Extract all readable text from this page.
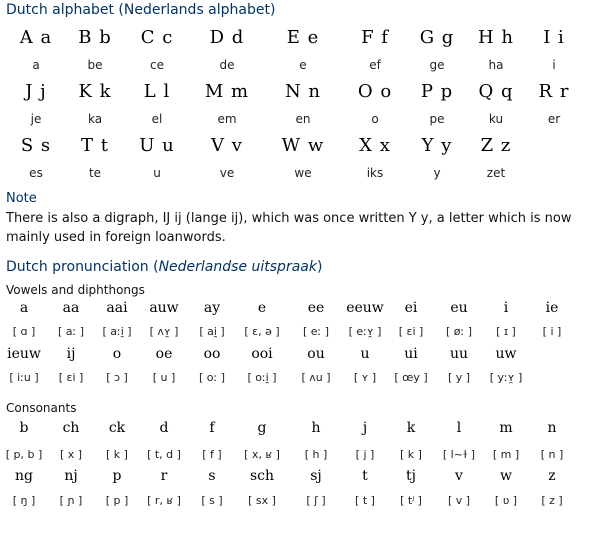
Dutch alphabet (Nederlands alphabet)
A a
a
B b
be
C c
ce
D d
de
E e
e
F f
ef
G g
ge
H h
ha
I i
i
J j
je
K k
ka
L l
el
M m
em
N n
en
O o
o
P p
pe
Q q
ku
R r
er
S s
es
T t
te
U u
u
V v
ve
W w
we
X x
iks
Y y
y
Z z
zet
Note
There is also a digraph, IJ ij (lange ij), which was once written Y y, a letter which is now mainly used in foreign loanwords.
Dutch pronunciation (Nederlandse uitspraak)
Vowels and diphthongs
a
[ ɑ ]
aa
[ aː ]
aai
[ aːi̯ ]
auw
[ ʌʏ̯ ]
ay
[ ai̯ ]
e
[ ɛ, ə ]
ee
[ eː ]
eeuw
[ eːʏ̯ ]
ei
[ ɛi ]
eu
[ øː ]
i
[ ɪ ]
ie
[ i ]
ieuw
[ iːu ]
ij
[ ɛi ]
o
[ ɔ ]
oe
[ u ]
oo
[ oː ]
ooi
[ oːi̯ ]
ou
[ ʌu ]
u
[ ʏ ]
ui
[ œy ]
uu
[ y ]
uw
[ yːʏ̯ ]
Consonants
b
[ p, b ]
ch
[ x ]
ck
[ k ]
d
[ t, d ]
f
[ f ]
g
[ x, ʁ ]
h
[ h ]
j
[ j ]
k
[ k ]
l
[ l~ɫ ]
m
[ m ]
n
[ n ]
ng
[ ŋ ]
nj
[ ɲ ]
p
[ p ]
r
[ r, ʁ ]
s
[ s ]
sch
[ sx ]
sj
[ ʃ ]
t
[ t ]
tj
[ tʲ ]
v
[ v ]
w
[ ʋ ]
z
[ z ]
